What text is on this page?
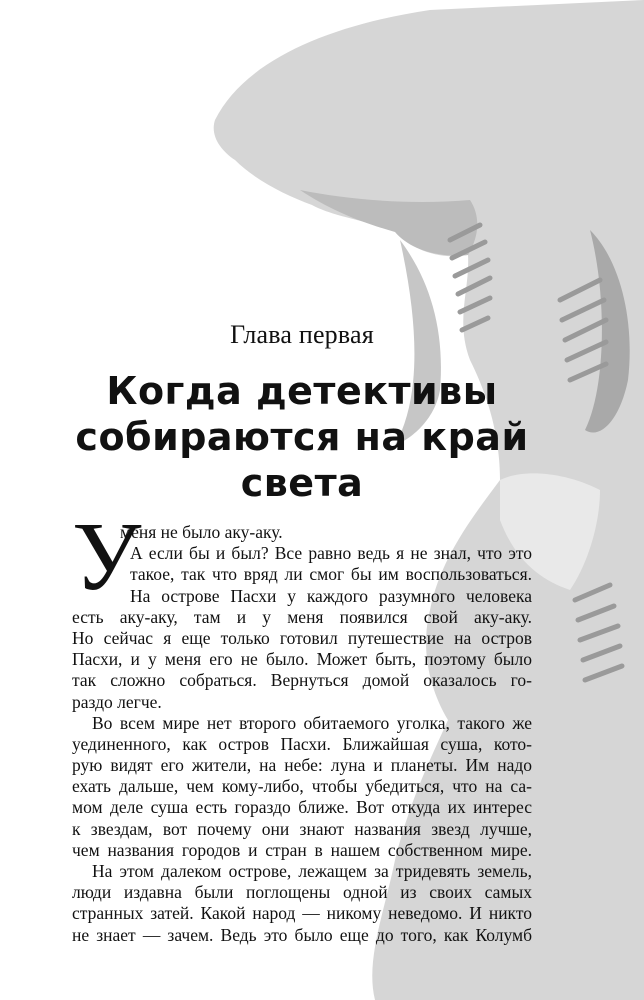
Глава первая
Когда детективы
собираются на край
света
У
меня не было аку-аку.
А если бы и был? Все равно ведь я не знал, что это
такое, так что вряд ли смог бы им воспользоваться.
На острове Пасхи у каждого разумного человека
есть аку-аку, там и у меня появился свой аку-аку.
Но сейчас я еще только готовил путешествие на остров
Пасхи, и у меня его не было. Может быть, поэтому было
так сложно собраться. Вернуться домой оказалось го-
раздо легче.
Во всем мире нет второго обитаемого уголка, такого же
уединенного, как остров Пасхи. Ближайшая суша, кото-
рую видят его жители, на небе: луна и планеты. Им надо
ехать дальше, чем кому-либо, чтобы убедиться, что на са-
мом деле суша есть гораздо ближе. Вот откуда их интерес
к звездам, вот почему они знают названия звезд лучше,
чем названия городов и стран в нашем собственном мире.
На этом далеком острове, лежащем за тридевять земель,
люди издавна были поглощены одной из своих самых
странных затей. Какой народ — никому неведомо. И никто
не знает — зачем. Ведь это было еще до того, как Колумб
